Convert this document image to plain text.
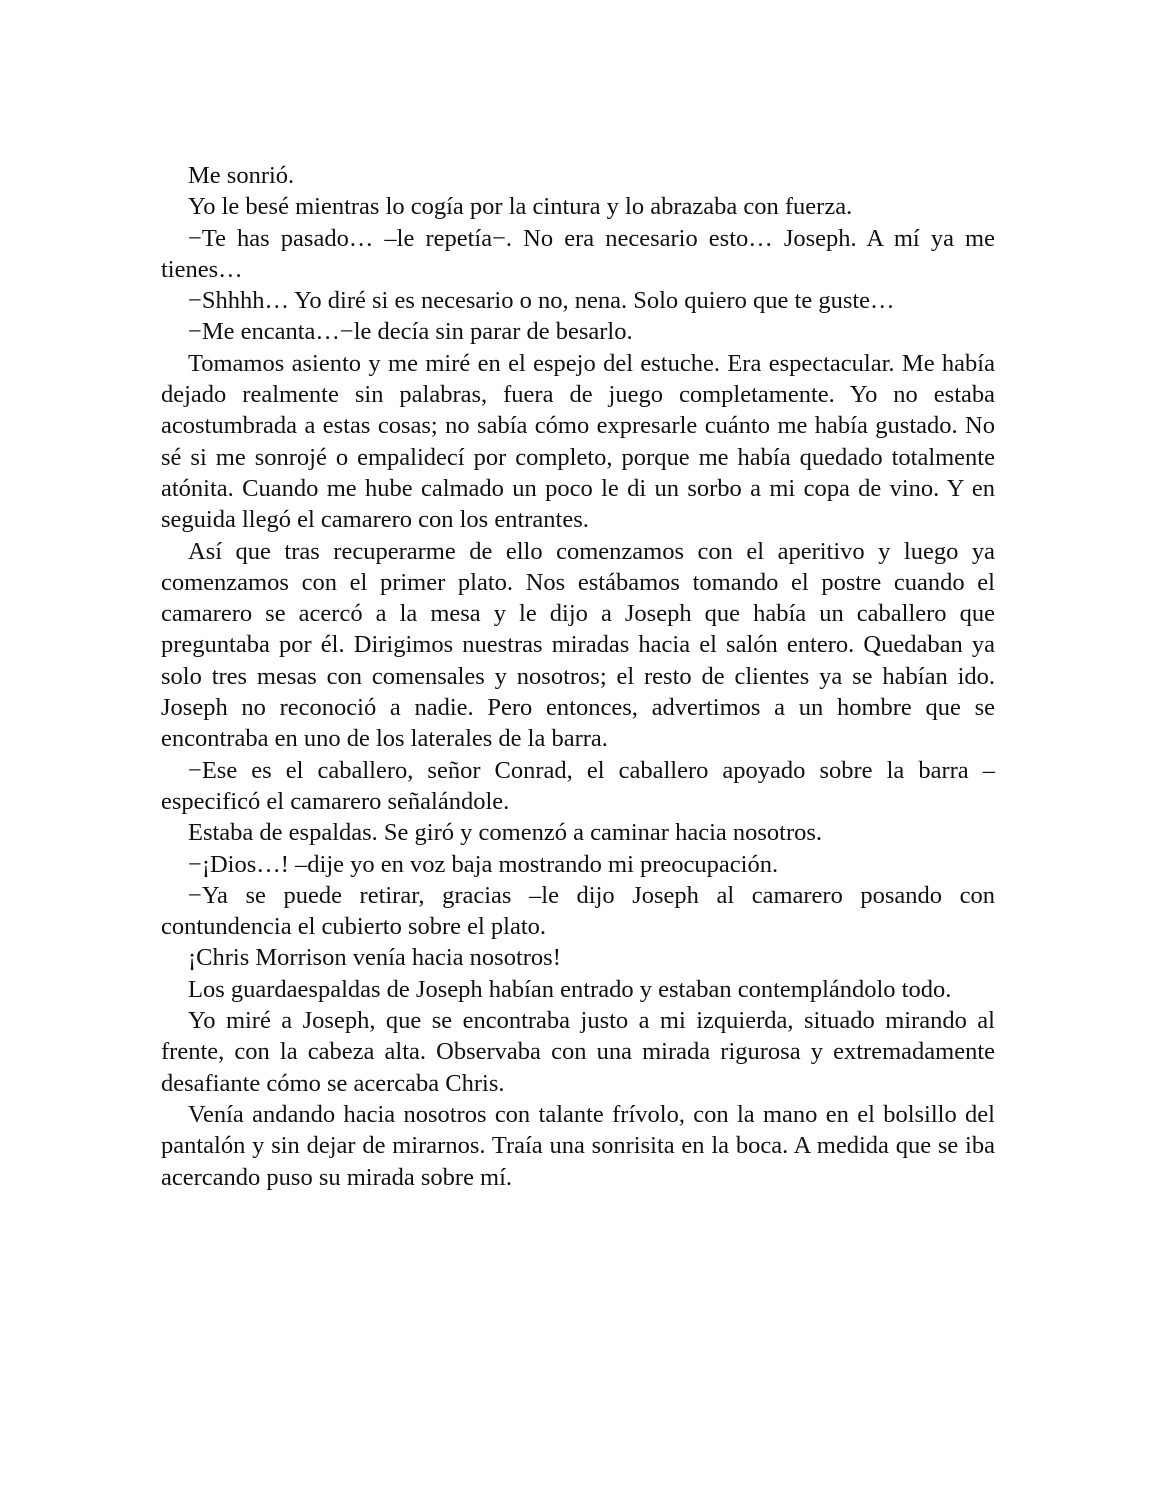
Me sonrió.

Yo le besé mientras lo cogía por la cintura y lo abrazaba con fuerza.

−Te has pasado… –le repetía−. No era necesario esto… Joseph. A mí ya me tienes…

−Shhhh… Yo diré si es necesario o no, nena. Solo quiero que te guste…

−Me encanta…−le decía sin parar de besarlo.

Tomamos asiento y me miré en el espejo del estuche. Era espectacular. Me había dejado realmente sin palabras, fuera de juego completamente. Yo no estaba acostumbrada a estas cosas; no sabía cómo expresarle cuánto me había gustado. No sé si me sonrojé o empalidecí por completo, porque me había quedado totalmente atónita. Cuando me hube calmado un poco le di un sorbo a mi copa de vino. Y en seguida llegó el camarero con los entrantes.

Así que tras recuperarme de ello comenzamos con el aperitivo y luego ya comenzamos con el primer plato. Nos estábamos tomando el postre cuando el camarero se acercó a la mesa y le dijo a Joseph que había un caballero que preguntaba por él. Dirigimos nuestras miradas hacia el salón entero. Quedaban ya solo tres mesas con comensales y nosotros; el resto de clientes ya se habían ido. Joseph no reconoció a nadie. Pero entonces, advertimos a un hombre que se encontraba en uno de los laterales de la barra.

−Ese es el caballero, señor Conrad, el caballero apoyado sobre la barra –especificó el camarero señalándole.

Estaba de espaldas. Se giró y comenzó a caminar hacia nosotros.

−¡Dios…! –dije yo en voz baja mostrando mi preocupación.

−Ya se puede retirar, gracias –le dijo Joseph al camarero posando con contundencia el cubierto sobre el plato.

¡Chris Morrison venía hacia nosotros!

Los guardaespaldas de Joseph habían entrado y estaban contemplándolo todo.

Yo miré a Joseph, que se encontraba justo a mi izquierda, situado mirando al frente, con la cabeza alta. Observaba con una mirada rigurosa y extremadamente desafiante cómo se acercaba Chris.

Venía andando hacia nosotros con talante frívolo, con la mano en el bolsillo del pantalón y sin dejar de mirarnos. Traía una sonrisita en la boca. A medida que se iba acercando puso su mirada sobre mí.
